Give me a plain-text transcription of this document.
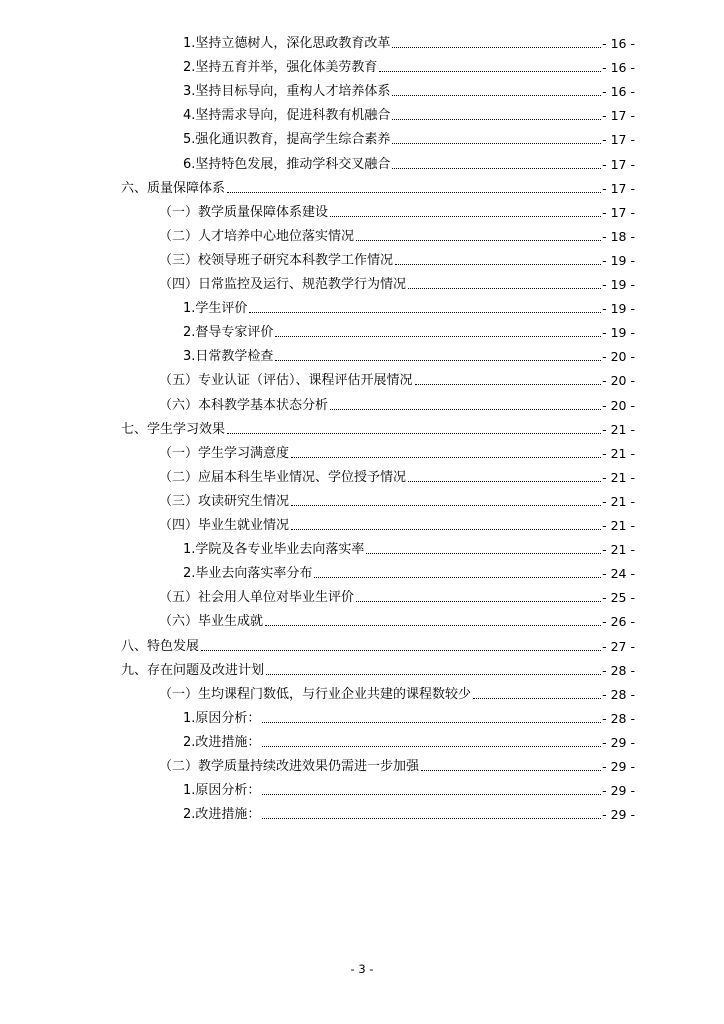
1.坚持立德树人，深化思政教育改革	- 16 -
2.坚持五育并举，强化体美劳教育	- 16 -
3.坚持目标导向，重构人才培养体系	- 16 -
4.坚持需求导向，促进科教有机融合	- 17 -
5.强化通识教育，提高学生综合素养	- 17 -
6.坚持特色发展，推动学科交叉融合	- 17 -
六、质量保障体系	- 17 -
（一）教学质量保障体系建设	- 17 -
（二）人才培养中心地位落实情况	- 18 -
（三）校领导班子研究本科教学工作情况	- 19 -
（四）日常监控及运行、规范教学行为情况	- 19 -
1.学生评价	- 19 -
2.督导专家评价	- 19 -
3.日常教学检查	- 20 -
（五）专业认证（评估）、课程评估开展情况	- 20 -
（六）本科教学基本状态分析	- 20 -
七、学生学习效果	- 21 -
（一）学生学习满意度	- 21 -
（二）应届本科生毕业情况、学位授予情况	- 21 -
（三）攻读研究生情况	- 21 -
（四）毕业生就业情况	- 21 -
1.学院及各专业毕业去向落实率	- 21 -
2.毕业去向落实率分布	- 24 -
（五）社会用人单位对毕业生评价	- 25 -
（六）毕业生成就	- 26 -
八、特色发展	- 27 -
九、存在问题及改进计划	- 28 -
（一）生均课程门数低，与行业企业共建的课程数较少	- 28 -
1.原因分析：	- 28 -
2.改进措施：	- 29 -
（二）教学质量持续改进效果仍需进一步加强	- 29 -
1.原因分析：	- 29 -
2.改进措施：	- 29 -
- 3 -
